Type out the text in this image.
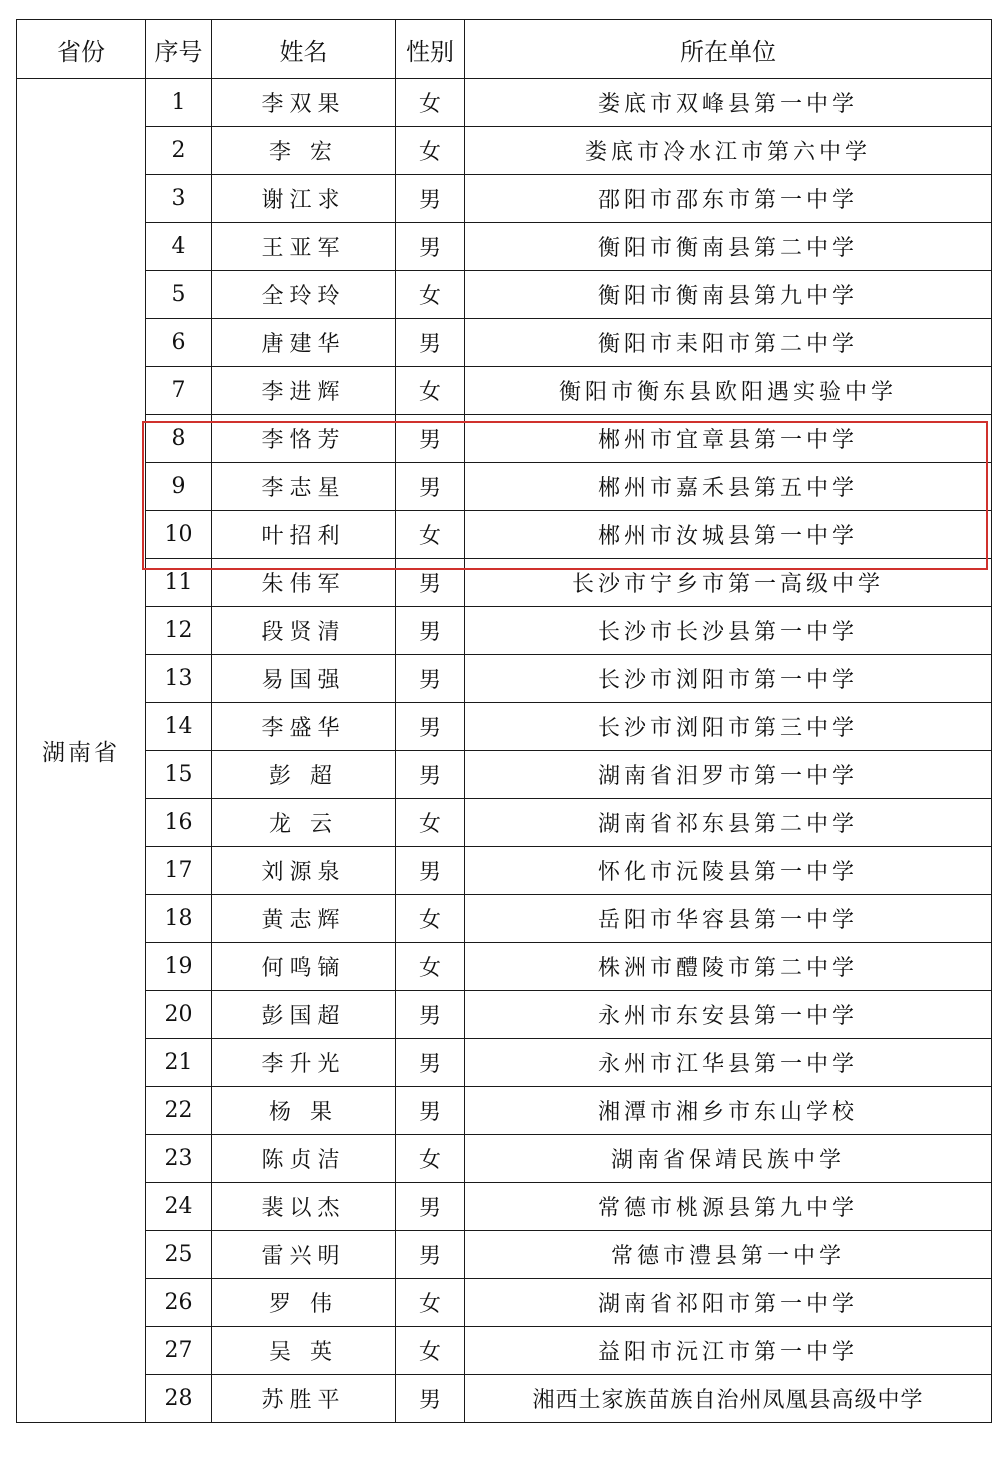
省份	序号	姓名	性别	所在单位
湖南省	1	李双果	女	娄底市双峰县第一中学
	2	李 宏	女	娄底市冷水江市第六中学
	3	谢江求	男	邵阳市邵东市第一中学
	4	王亚军	男	衡阳市衡南县第二中学
	5	全玲玲	女	衡阳市衡南县第九中学
	6	唐建华	男	衡阳市耒阳市第二中学
	7	李进辉	女	衡阳市衡东县欧阳遇实验中学
	8	李恪芳	男	郴州市宜章县第一中学
	9	李志星	男	郴州市嘉禾县第五中学
	10	叶招利	女	郴州市汝城县第一中学
	11	朱伟军	男	长沙市宁乡市第一高级中学
	12	段贤清	男	长沙市长沙县第一中学
	13	易国强	男	长沙市浏阳市第一中学
	14	李盛华	男	长沙市浏阳市第三中学
	15	彭 超	男	湖南省汨罗市第一中学
	16	龙 云	女	湖南省祁东县第二中学
	17	刘源泉	男	怀化市沅陵县第一中学
	18	黄志辉	女	岳阳市华容县第一中学
	19	何鸣镝	女	株洲市醴陵市第二中学
	20	彭国超	男	永州市东安县第一中学
	21	李升光	男	永州市江华县第一中学
	22	杨 果	男	湘潭市湘乡市东山学校
	23	陈贞洁	女	湖南省保靖民族中学
	24	裴以杰	男	常德市桃源县第九中学
	25	雷兴明	男	常德市澧县第一中学
	26	罗 伟	女	湖南省祁阳市第一中学
	27	吴 英	女	益阳市沅江市第一中学
	28	苏胜平	男	湘西土家族苗族自治州凤凰县高级中学
